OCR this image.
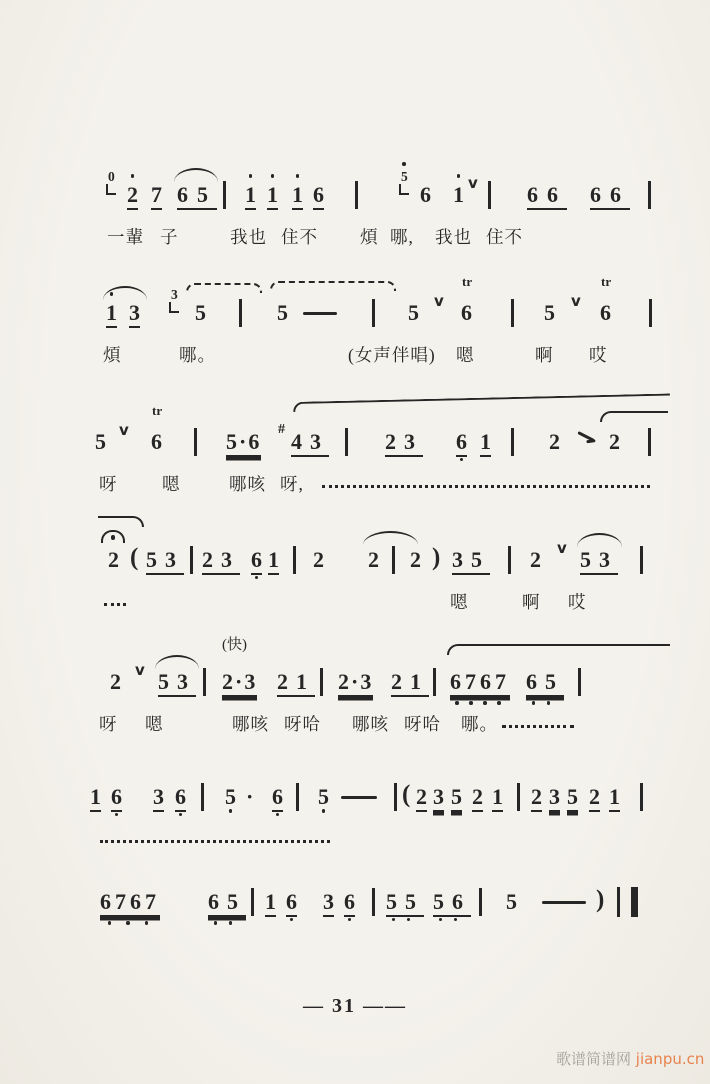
0
2 7 65 1 1 1 6
5
6 1 v 66 66
一輩 子	我也 住不 煩 哪, 我也 住不
1 3
3
5	5	5 v 6
tr
5 v 6
tr
煩	哪。	(女声伴唱) 嗯	啊 哎
5 v 6
tr
5·6 # 43	23 6 1	2 2
呀	嗯	哪咳 呀,
2 ( 53 23 6 1 2 2 2 ) 35 2 v 53
嗯	啊 哎
2 v 53
(快)
2·3 21 2·3 21 6767 65
呀 嗯	哪咳 呀哈 哪咳 呀哈 哪。
1 6 3 6 5 · 6 5	( 2 3 5 2 1 2 3 5 2 1
6767 65 1 6 3 6 55 56 5	)
— 31 ——
歌谱简谱网 jianpu.cn
